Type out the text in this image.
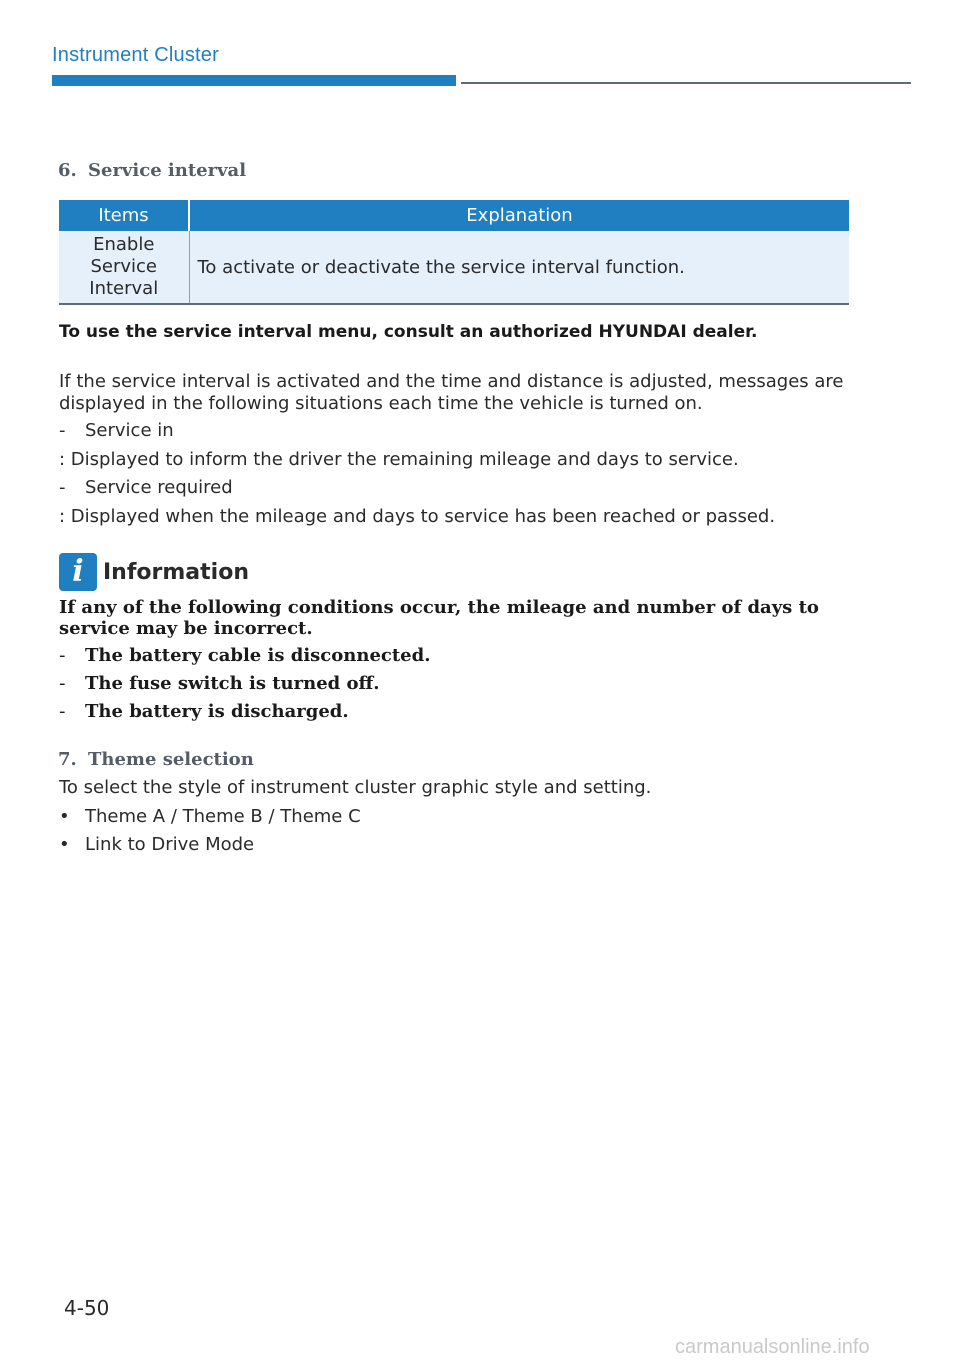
Instrument Cluster
6. Service interval
Items	Explanation

Enable Service Interval	To activate or deactivate the service interval function.
To use the service interval menu, consult an authorized HYUNDAI dealer.
If the service interval is activated and the time and distance is adjusted, messages are displayed in the following situations each time the vehicle is turned on.
- Service in
: Displayed to inform the driver the remaining mileage and days to service.
- Service required
: Displayed when the mileage and days to service has been reached or passed.
i Information
If any of the following conditions occur, the mileage and number of days to service may be incorrect.
- The battery cable is disconnected.
- The fuse switch is turned off.
- The battery is discharged.
7. Theme selection
To select the style of instrument cluster graphic style and setting.
• Theme A / Theme B / Theme C
• Link to Drive Mode
4-50
carmanualsonline.info
